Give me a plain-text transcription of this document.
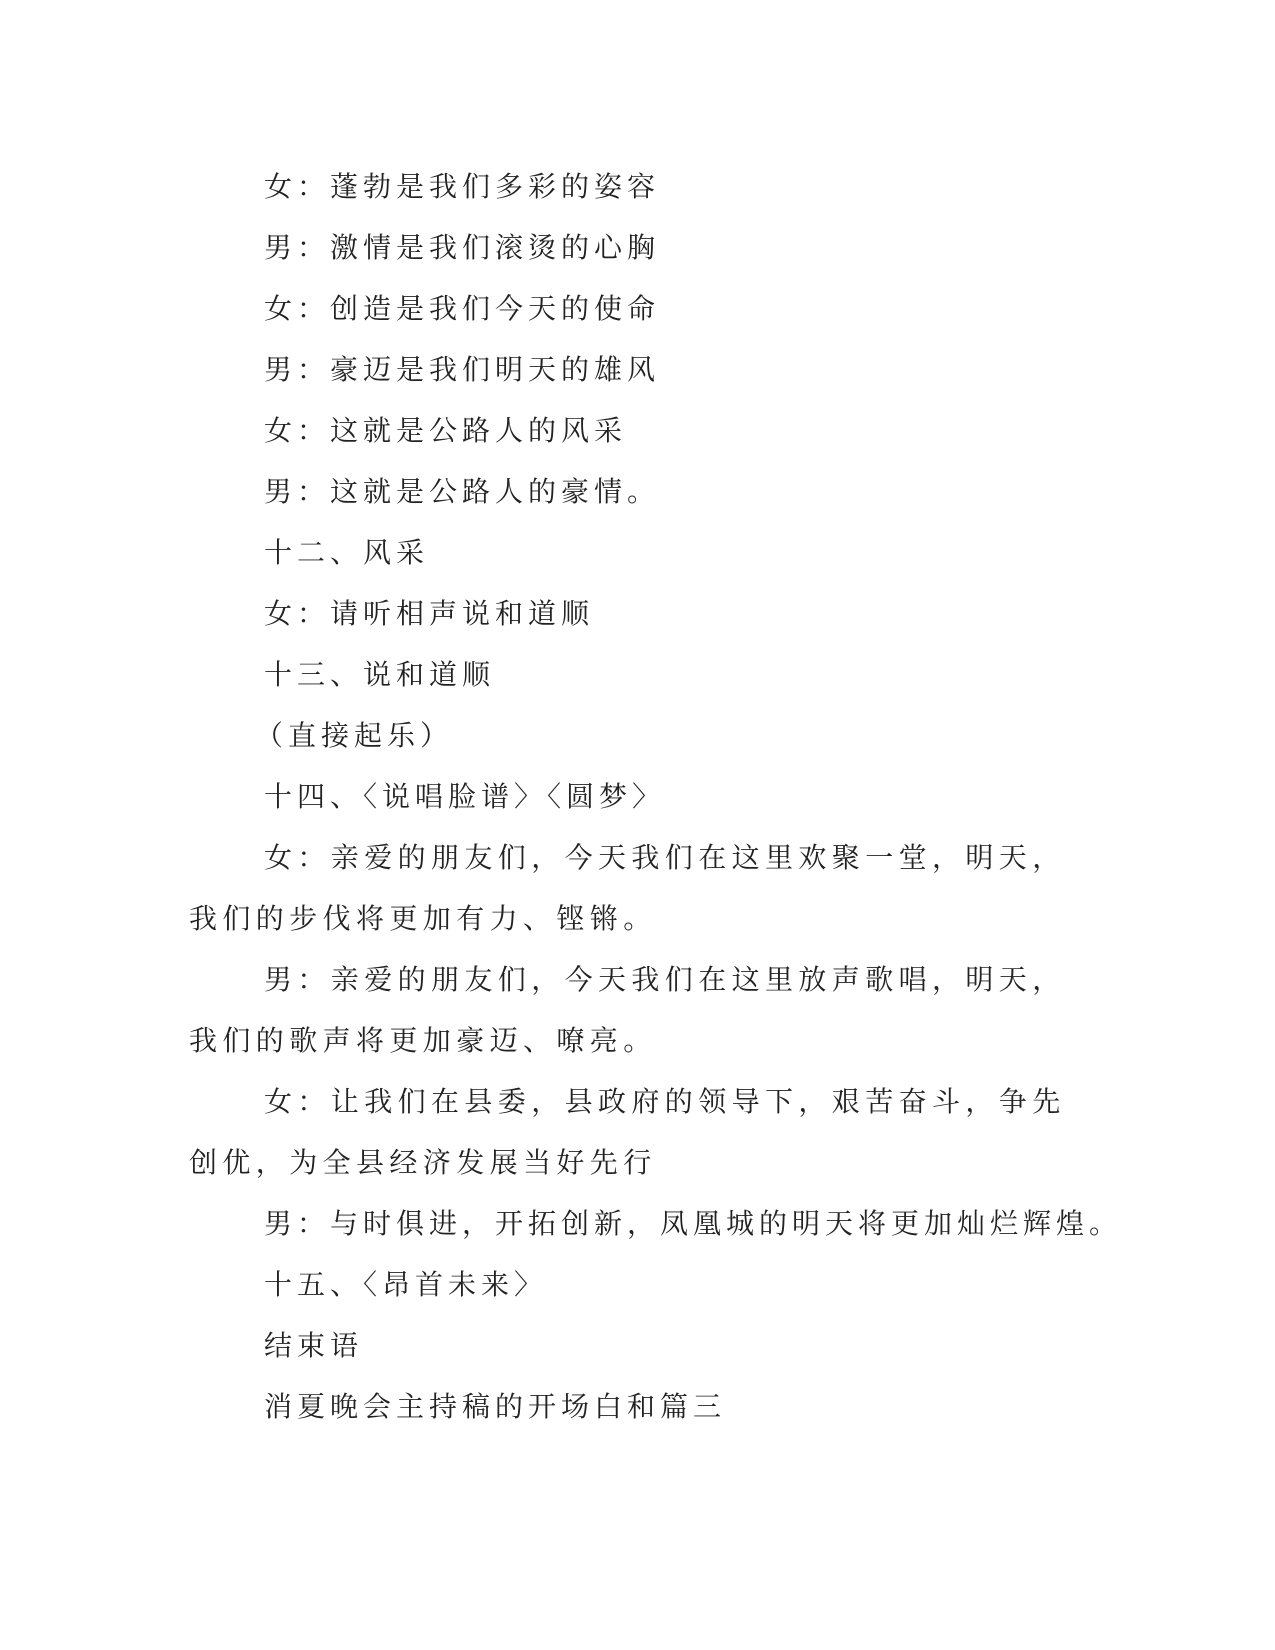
女：蓬勃是我们多彩的姿容
男：激情是我们滚烫的心胸
女：创造是我们今天的使命
男：豪迈是我们明天的雄风
女：这就是公路人的风采
男：这就是公路人的豪情。
十二、风采
女：请听相声说和道顺
十三、说和道顺
（直接起乐）
十四、〈说唱脸谱〉〈圆梦〉
女：亲爱的朋友们，今天我们在这里欢聚一堂，明天，我们的步伐将更加有力、铿锵。
男：亲爱的朋友们，今天我们在这里放声歌唱，明天，我们的歌声将更加豪迈、嘹亮。
女：让我们在县委，县政府的领导下，艰苦奋斗，争先创优，为全县经济发展当好先行
男：与时俱进，开拓创新，凤凰城的明天将更加灿烂辉煌。
十五、〈昂首未来〉
结束语
消夏晚会主持稿的开场白和篇三
